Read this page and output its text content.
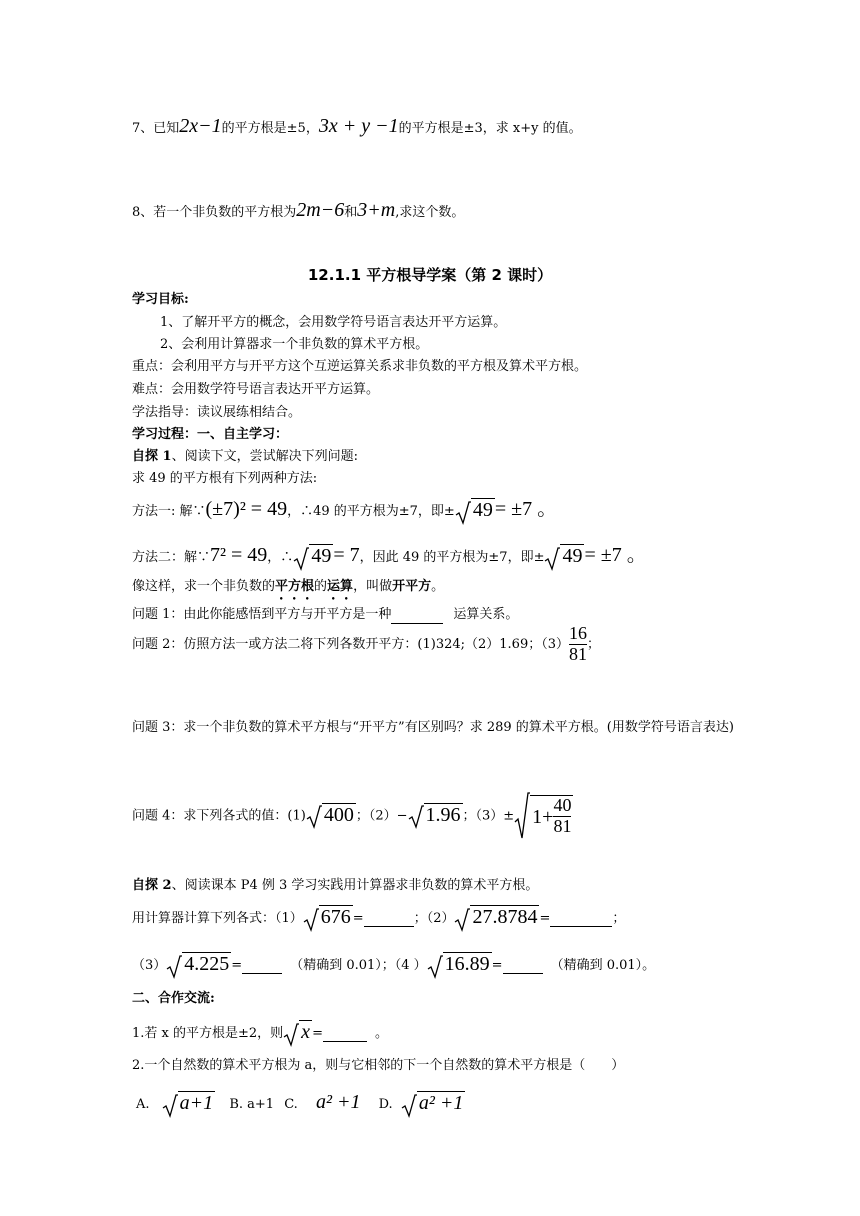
7、已知2x−1的平方根是±5，3x + y −1的平方根是±3，求 x+y 的值。
8、若一个非负数的平方根为2m−6和3+m,求这个数。
12.1.1 平方根导学案（第 2 课时）
学习目标:
1、了解开平方的概念，会用数学符号语言表达开平方运算。
2、会利用计算器求一个非负数的算术平方根。
重点：会利用平方与开平方这个互逆运算关系求非负数的平方根及算术平方根。
难点：会用数学符号语言表达开平方运算。
学法指导：读议展练相结合。
学习过程：一、自主学习：
自探 1、阅读下文，尝试解决下列问题:
求 49 的平方根有下列两种方法:
方法一: 解∵(±7)² = 49，∴49 的平方根为±7，即± 49 = ±7 。
方法二：解∵7² = 49，∴ 49 = 7，因此 49 的平方根为±7，即± 49 = ±7 。
像这样，求一个非负数的平方根的运算，叫做开平方。
问题 1：由此你能感悟到平方与开平方是一种	运算关系。
问题 2：仿照方法一或方法二将下列各数开平方：(1)324;（2）1.69；$(3) \frac{16}{81}$ ；
问题 3：求一个非负数的算术平方根与“开平方”有区别吗？求 289 的算术平方根。(用数学符号语言表达)
问题 4：求下列各式的值：(1) 400 ；（2）− 1.96 ；$(3)\pm 1+ \frac{40}{81}$
自探 2、阅读课本 P4 例 3 学习实践用计算器求非负数的算术平方根。
用计算器计算下列各式：（1） 676 =	；（2） 27.8784 =	；
（3） 4.225 =	（精确到 0.01）；（4 ） 16.89 =	（精确到 0.01）。
二、合作交流:
1.若 x 的平方根是±2，则 x =	。
2.一个自然数的算术平方根为 a，则与它相邻的下一个自然数的算术平方根是（　　）
A. a+1 B. a+1 C. a² +1 D. a² +1
